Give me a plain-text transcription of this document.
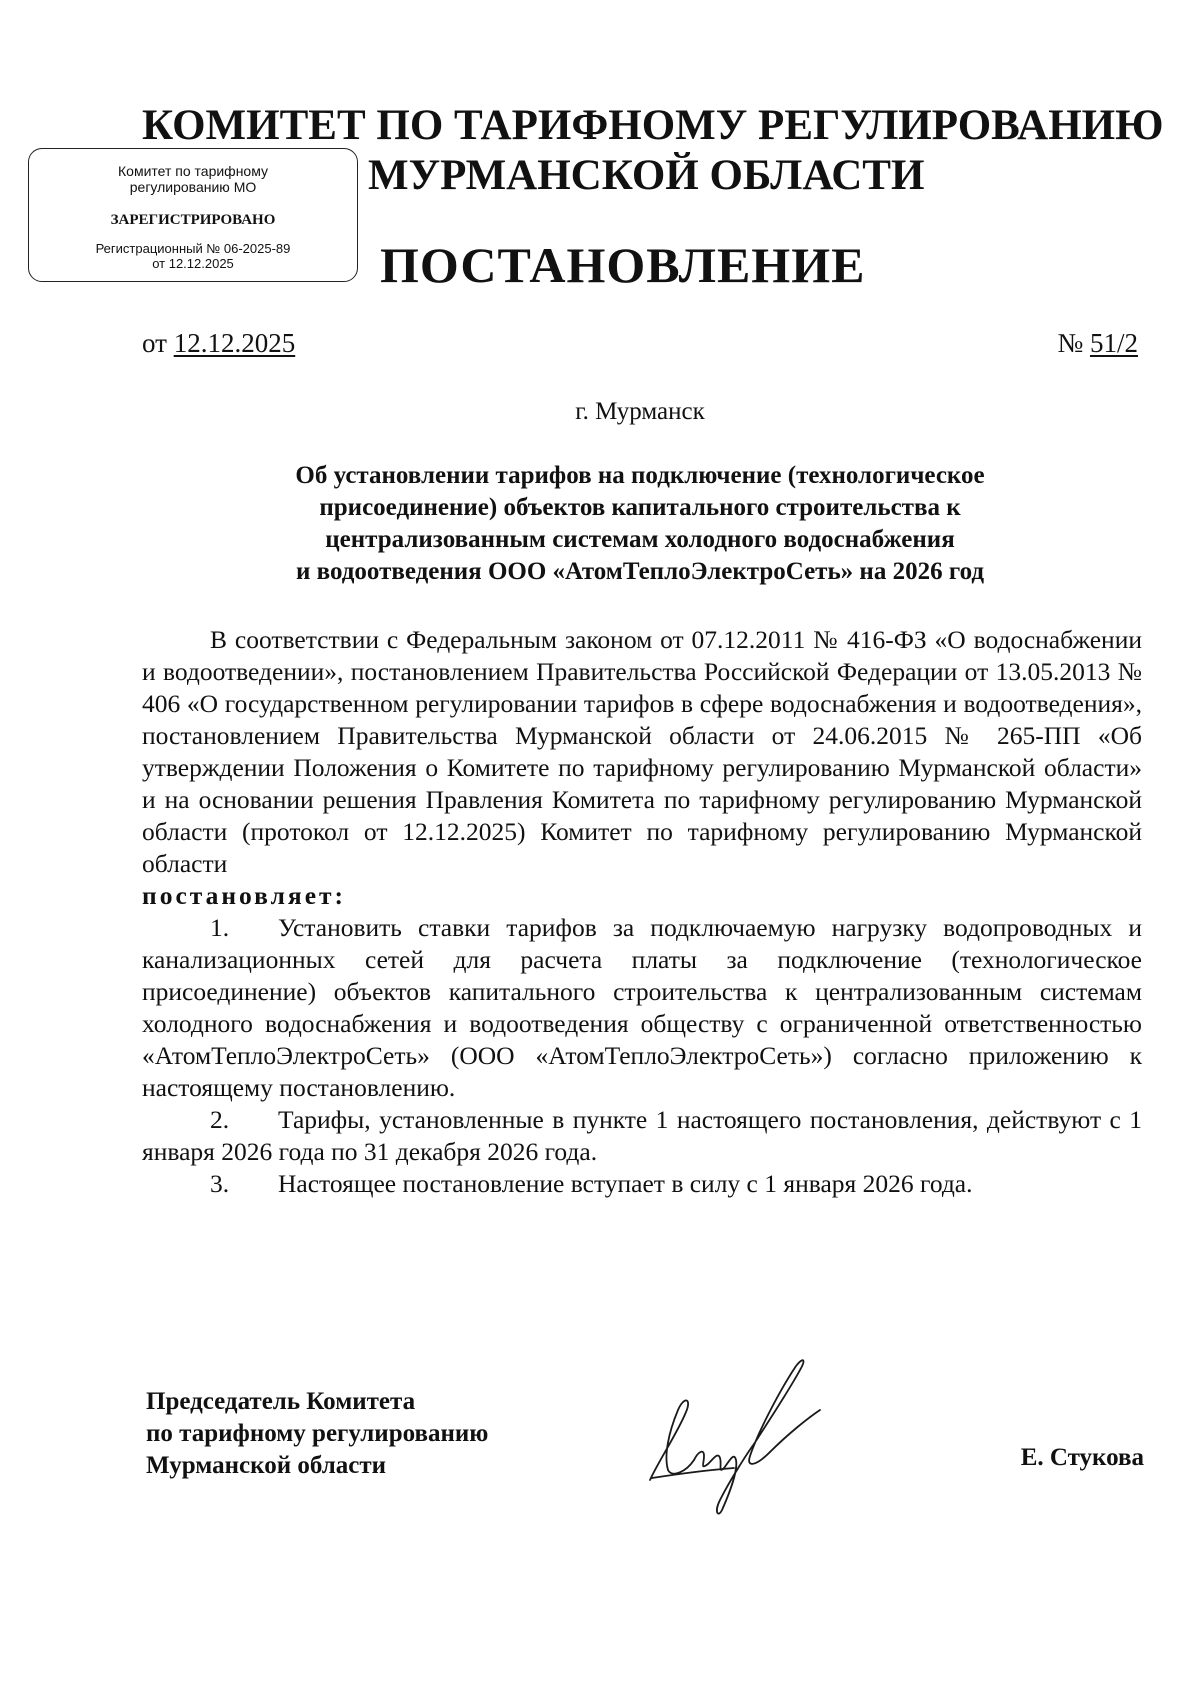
КОМИТЕТ ПО ТАРИФНОМУ РЕГУЛИРОВАНИЮ
МУРМАНСКОЙ ОБЛАСТИ
Комитет по тарифному
регулированию МО
ЗАРЕГИСТРИРОВАНО
Регистрационный № 06-2025-89
от 12.12.2025	ПОСТАНОВЛЕНИЕ
от 12.12.2025	№ 51/2
г. Мурманск
Об установлении тарифов на подключение (технологическое
присоединение) объектов капитального строительства к
централизованным системам холодного водоснабжения
и водоотведения ООО «АтомТеплоЭлектроСеть» на 2026 год
В соответствии с Федеральным законом от 07.12.2011 № 416-ФЗ «О водоснабжении и водоотведении», постановлением Правительства Российской Федерации от 13.05.2013 № 406 «О государственном регулировании тарифов в сфере водоснабжения и водоотведения», постановлением Правительства Мурманской области от 24.06.2015 № 265-ПП «Об утверждении Положения о Комитете по тарифному регулированию Мурманской области» и на основании решения Правления Комитета по тарифному регулированию Мурманской области (протокол от 12.12.2025) Комитет по тарифному регулированию Мурманской области
постановляет:
1. Установить ставки тарифов за подключаемую нагрузку водопроводных и канализационных сетей для расчета платы за подключение (технологическое присоединение) объектов капитального строительства к централизованным системам холодного водоснабжения и водоотведения обществу с ограниченной ответственностью «АтомТеплоЭлектроСеть» (ООО «АтомТеплоЭлектроСеть») согласно приложению к настоящему постановлению.
2. Тарифы, установленные в пункте 1 настоящего постановления, действуют с 1 января 2026 года по 31 декабря 2026 года.
3. Настоящее постановление вступает в силу с 1 января 2026 года.
Председатель Комитета
по тарифному регулированию
Мурманской области	Е. Стукова
